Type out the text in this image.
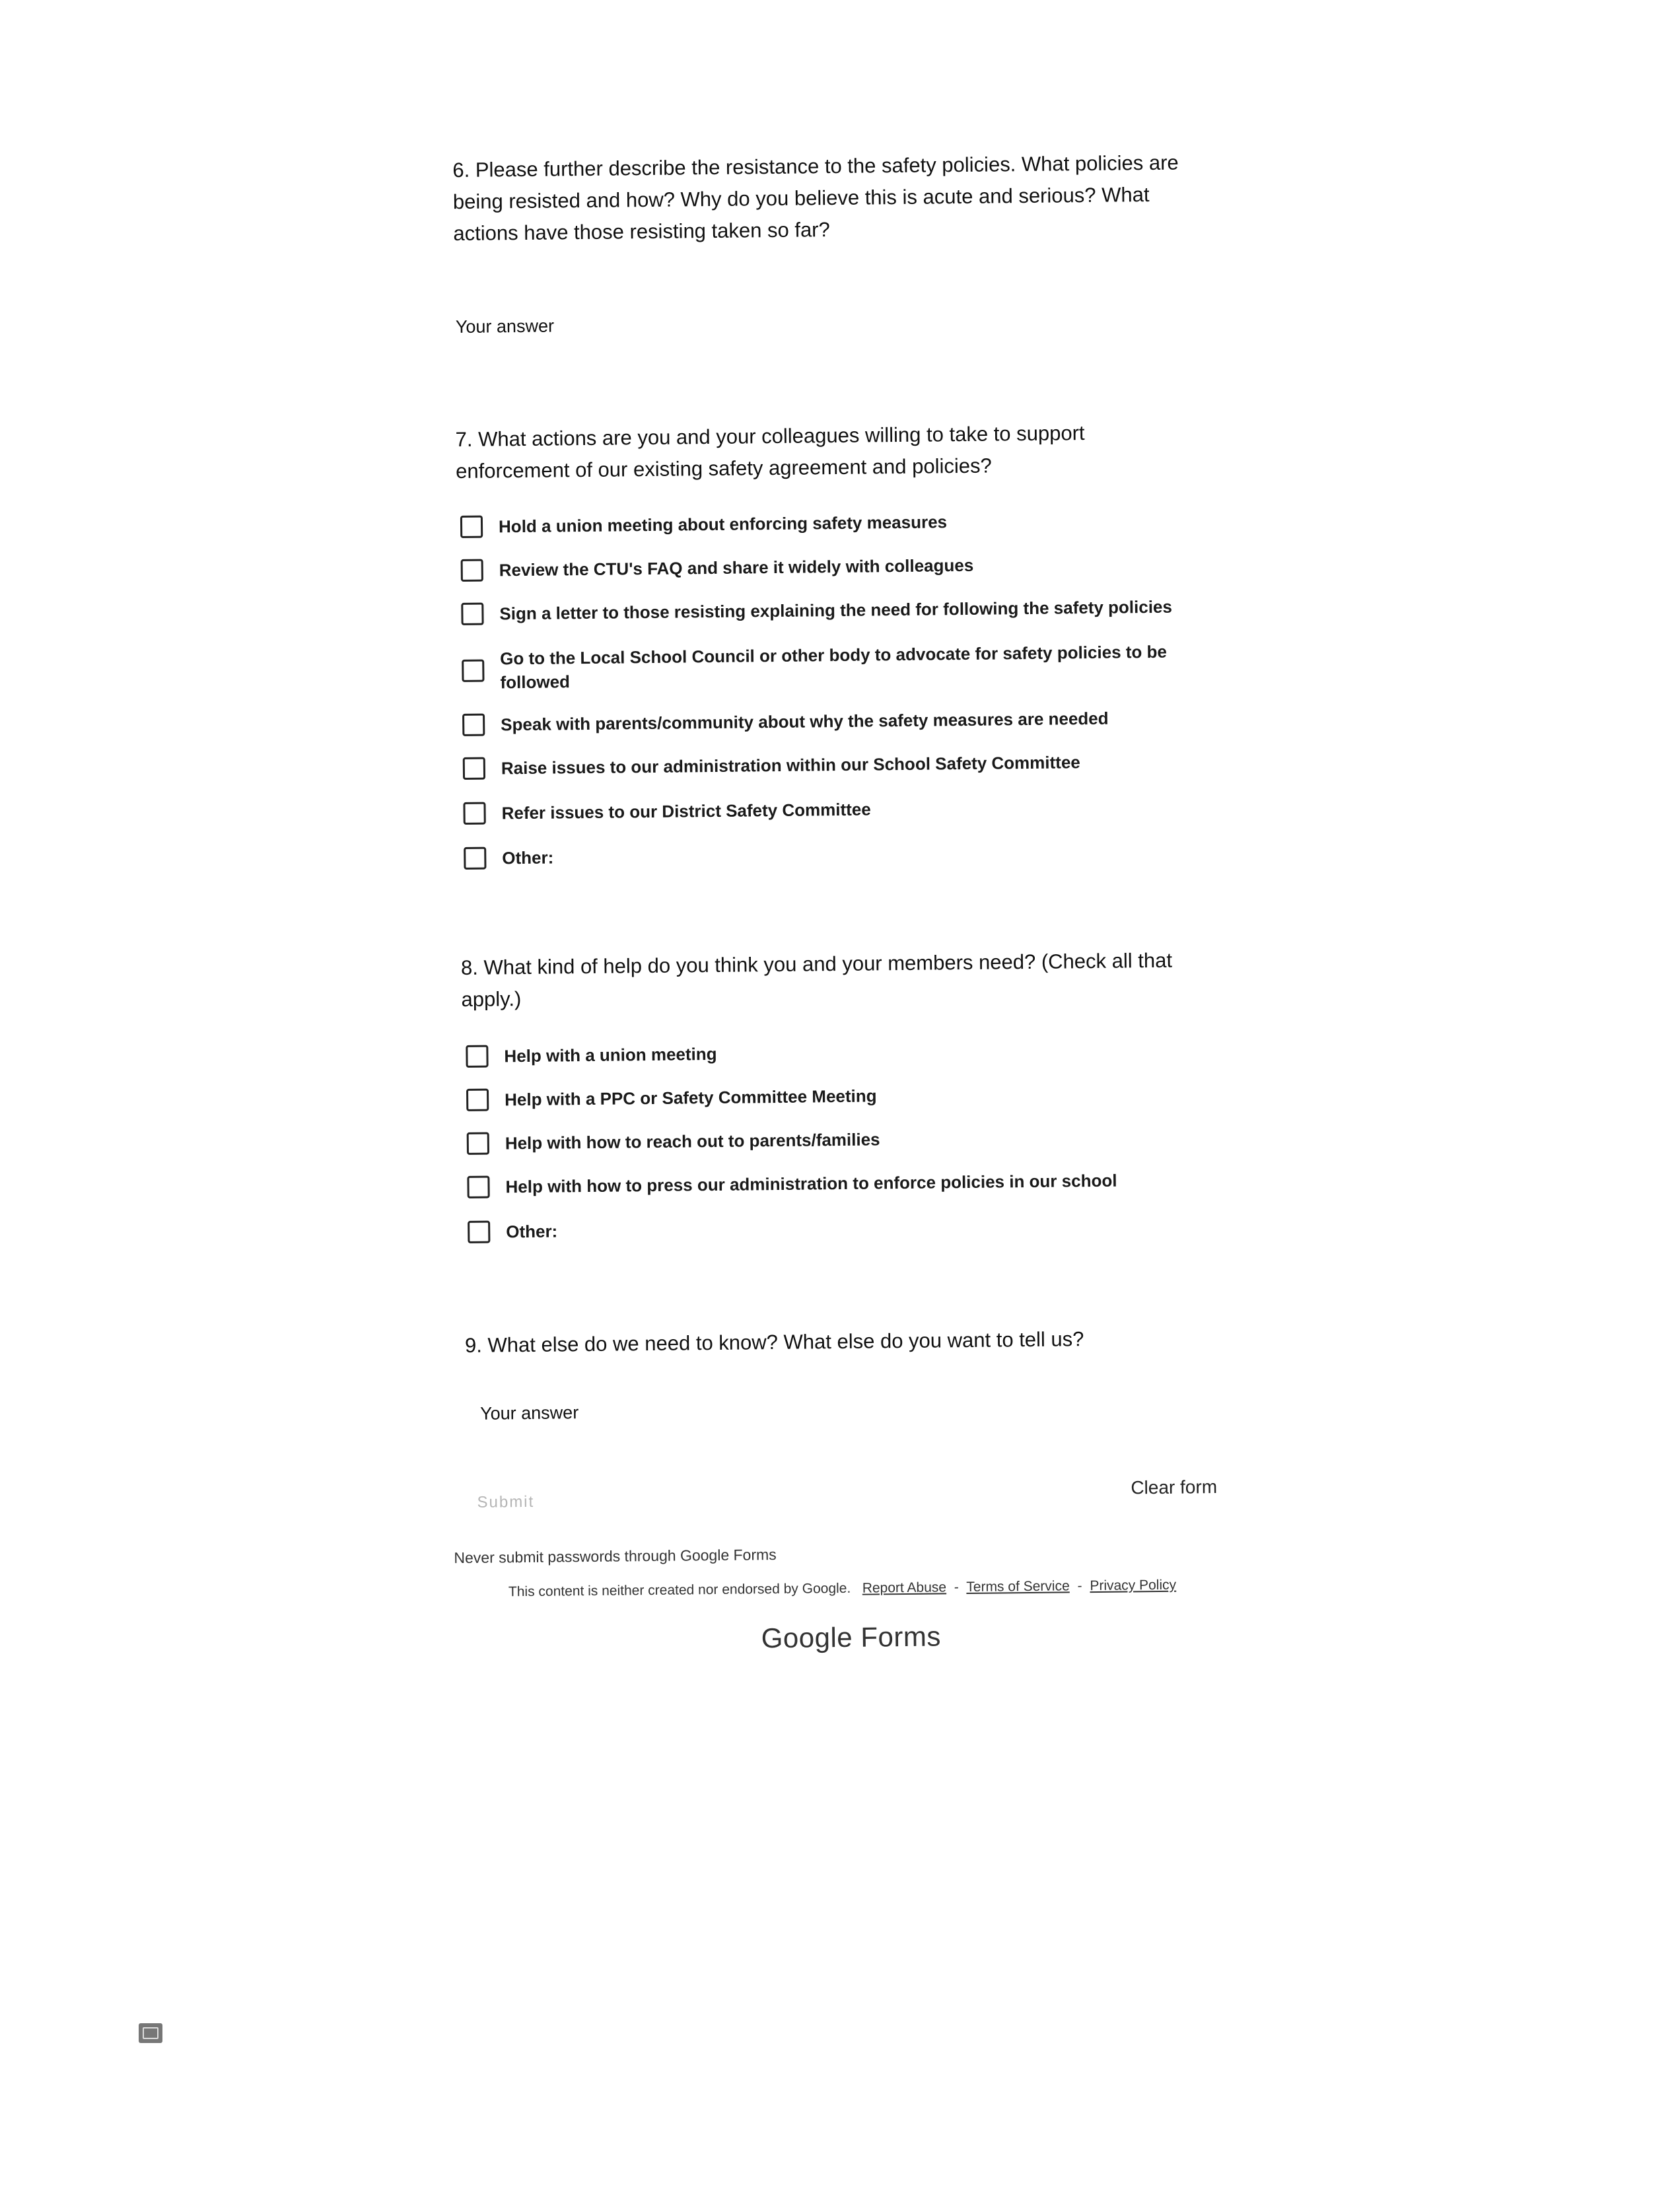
6. Please further describe the resistance to the safety policies. What policies are
being resisted and how? Why do you believe this is acute and serious? What
actions have those resisting taken so far?
Your answer
7. What actions are you and your colleagues willing to take to support
enforcement of our existing safety agreement and policies?
Hold a union meeting about enforcing safety measures
Review the CTU's FAQ and share it widely with colleagues
Sign a letter to those resisting explaining the need for following the safety policies
Go to the Local School Council or other body to advocate for safety policies to be
followed
Speak with parents/community about why the safety measures are needed
Raise issues to our administration within our School Safety Committee
Refer issues to our District Safety Committee
Other:
8. What kind of help do you think you and your members need? (Check all that
apply.)
Help with a union meeting
Help with a PPC or Safety Committee Meeting
Help with how to reach out to parents/families
Help with how to press our administration to enforce policies in our school
Other:
9. What else do we need to know? What else do you want to tell us?
Your answer
Submit
Clear form
Never submit passwords through Google Forms
This content is neither created nor endorsed by Google. Report Abuse - Terms of Service - Privacy Policy
Google Forms
